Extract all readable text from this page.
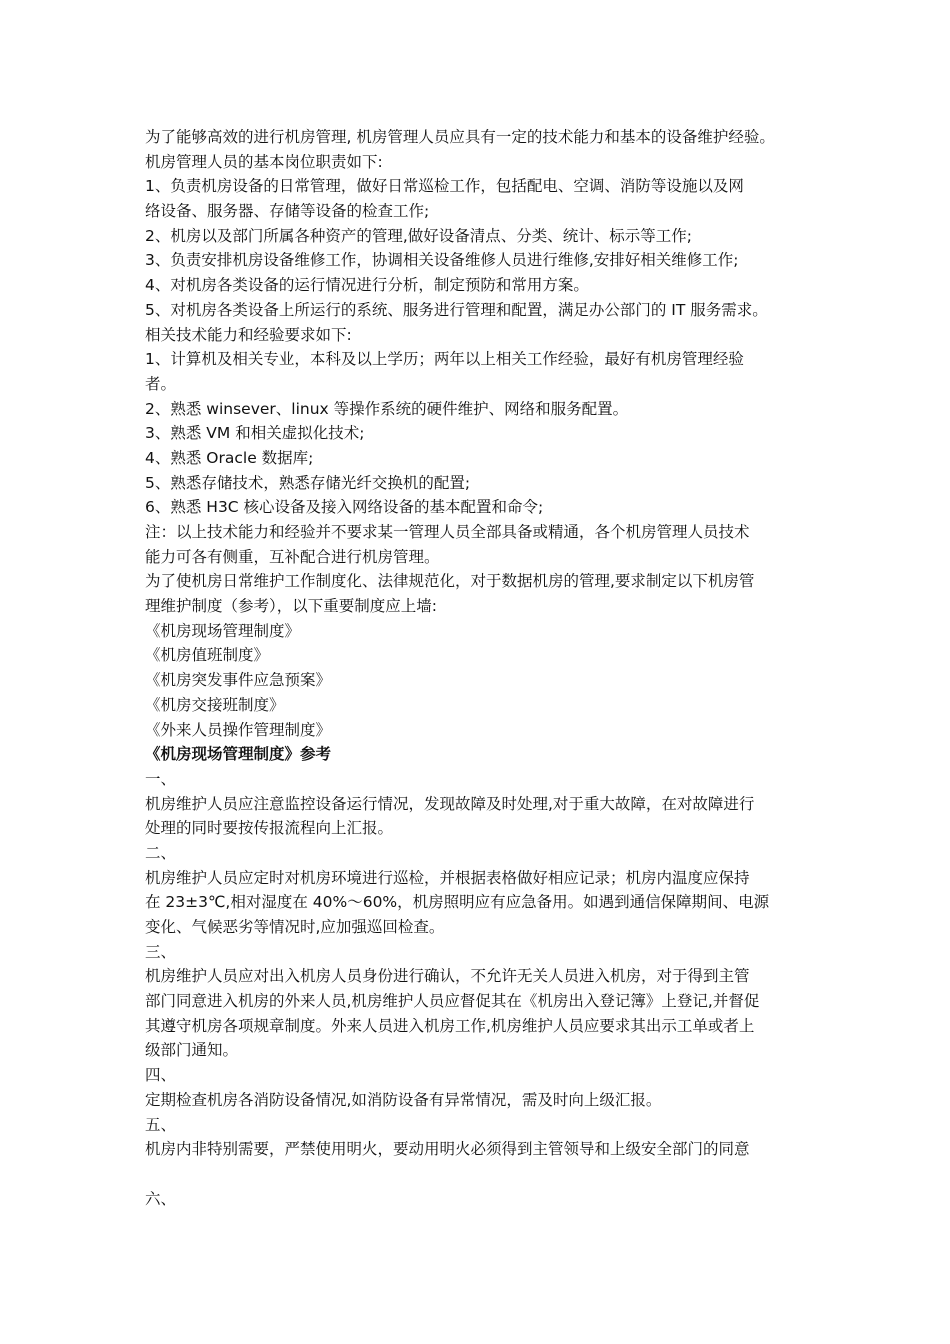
为了能够高效的进行机房管理, 机房管理人员应具有一定的技术能力和基本的设备维护经验。
机房管理人员的基本岗位职责如下:
1、负责机房设备的日常管理，做好日常巡检工作，包括配电、空调、消防等设施以及网
络设备、服务器、存储等设备的检查工作;
2、机房以及部门所属各种资产的管理,做好设备清点、分类、统计、标示等工作;
3、负责安排机房设备维修工作，协调相关设备维修人员进行维修,安排好相关维修工作;
4、对机房各类设备的运行情况进行分析，制定预防和常用方案。
5、对机房各类设备上所运行的系统、服务进行管理和配置，满足办公部门的 IT 服务需求。
相关技术能力和经验要求如下:
1、计算机及相关专业，本科及以上学历；两年以上相关工作经验，最好有机房管理经验
者。
2、熟悉 winsever、linux 等操作系统的硬件维护、网络和服务配置。
3、熟悉 VM 和相关虚拟化技术;
4、熟悉 Oracle 数据库;
5、熟悉存储技术，熟悉存储光纤交换机的配置;
6、熟悉 H3C 核心设备及接入网络设备的基本配置和命令;
注：以上技术能力和经验并不要求某一管理人员全部具备或精通，各个机房管理人员技术
能力可各有侧重，互补配合进行机房管理。
为了使机房日常维护工作制度化、法律规范化，对于数据机房的管理,要求制定以下机房管
理维护制度（参考），以下重要制度应上墙:
《机房现场管理制度》
《机房值班制度》
《机房突发事件应急预案》
《机房交接班制度》
《外来人员操作管理制度》
《机房现场管理制度》参考
一、
机房维护人员应注意监控设备运行情况，发现故障及时处理,对于重大故障，在对故障进行
处理的同时要按传报流程向上汇报。
二、
机房维护人员应定时对机房环境进行巡检，并根据表格做好相应记录；机房内温度应保持
在 23±3℃,相对湿度在 40%～60%，机房照明应有应急备用。如遇到通信保障期间、电源
变化、气候恶劣等情况时,应加强巡回检查。
三、
机房维护人员应对出入机房人员身份进行确认，不允许无关人员进入机房，对于得到主管
部门同意进入机房的外来人员,机房维护人员应督促其在《机房出入登记簿》上登记,并督促
其遵守机房各项规章制度。外来人员进入机房工作,机房维护人员应要求其出示工单或者上
级部门通知。
四、
定期检查机房各消防设备情况,如消防设备有异常情况，需及时向上级汇报。
五、
机房内非特别需要，严禁使用明火，要动用明火必须得到主管领导和上级安全部门的同意
六、
